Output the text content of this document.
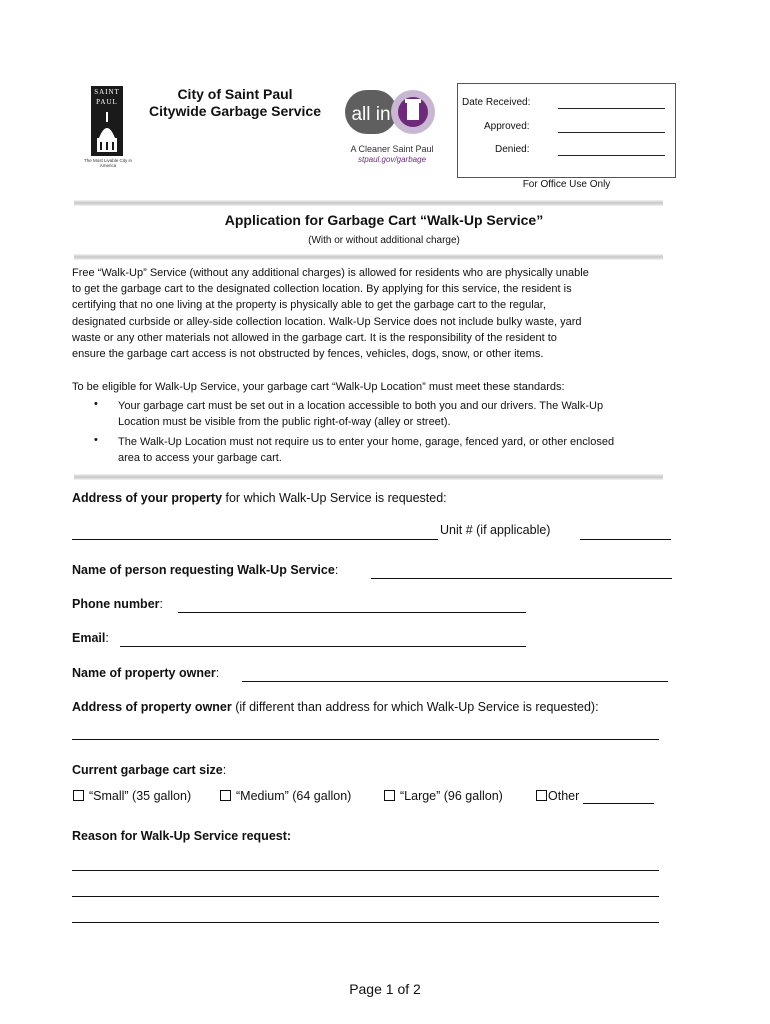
SAINT
PAUL
The Most Livable City in America
City of Saint Paul
Citywide Garbage Service	all in
A Cleaner Saint Paul
stpaul.gov/garbage
Date Received:
Approved:
Denied:
For Office Use Only
Application for Garbage Cart “Walk-Up Service”
(With or without additional charge)

Free “Walk-Up” Service (without any additional charges) is allowed for residents who are physically unable

to get the garbage cart to the designated collection location. By applying for this service, the resident is

certifying that no one living at the property is physically able to get the garbage cart to the regular,

designated curbside or alley-side collection location. Walk-Up Service does not include bulky waste, yard

waste or any other materials not allowed in the garbage cart. It is the responsibility of the resident to

ensure the garbage cart access is not obstructed by fences, vehicles, dogs, snow, or other items.

To be eligible for Walk-Up Service, your garbage cart “Walk-Up Location” must meet these standards:
• Your garbage cart must be set out in a location accessible to both you and our drivers. The Walk-Up
Location must be visible from the public right-of-way (alley or street).
• The Walk-Up Location must not require us to enter your home, garage, fenced yard, or other enclosed
area to access your garbage cart.
Address of your property for which Walk-Up Service is requested:
Unit # (if applicable)
Name of person requesting Walk-Up Service:
Phone number:
Email:
Name of property owner:
Address of property owner (if different than address for which Walk-Up Service is requested):
Current garbage cart size:
“Small” (35 gallon)	“Medium” (64 gallon)	“Large” (96 gallon)	Other
Reason for Walk-Up Service request:
Page 1 of 2
